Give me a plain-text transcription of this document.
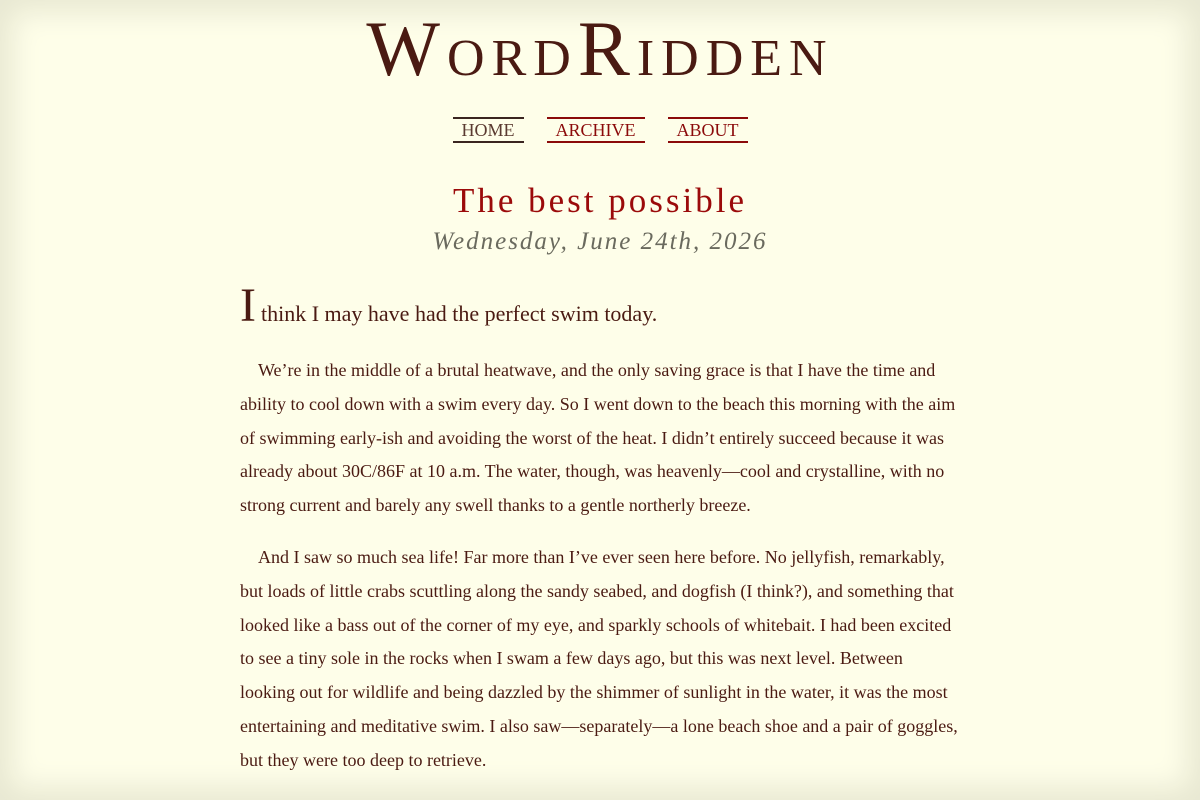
WORDRIDDEN
HOME	ARCHIVE	ABOUT
The best possible
Wednesday, June 24th, 2026

Ithink I may have had the perfect swim today.

We’re in the middle of a brutal heatwave, and the only saving grace is that I have the time and ability to cool down with a swim every day. So I went down to the beach this morning with the aim of swimming early-ish and avoiding the worst of the heat. I didn’t entirely succeed because it was already about 30C/86F at 10 a.m. The water, though, was heavenly—cool and crystalline, with no strong current and barely any swell thanks to a gentle northerly breeze.

And I saw so much sea life! Far more than I’ve ever seen here before. No jellyfish, remarkably, but loads of little crabs scuttling along the sandy seabed, and dogfish (I think?), and something that looked like a bass out of the corner of my eye, and sparkly schools of whitebait. I had been excited to see a tiny sole in the rocks when I swam a few days ago, but this was next level. Between looking out for wildlife and being dazzled by the shimmer of sunlight in the water, it was the most entertaining and meditative swim. I also saw—separately—a lone beach shoe and a pair of goggles, but they were too deep to retrieve.
